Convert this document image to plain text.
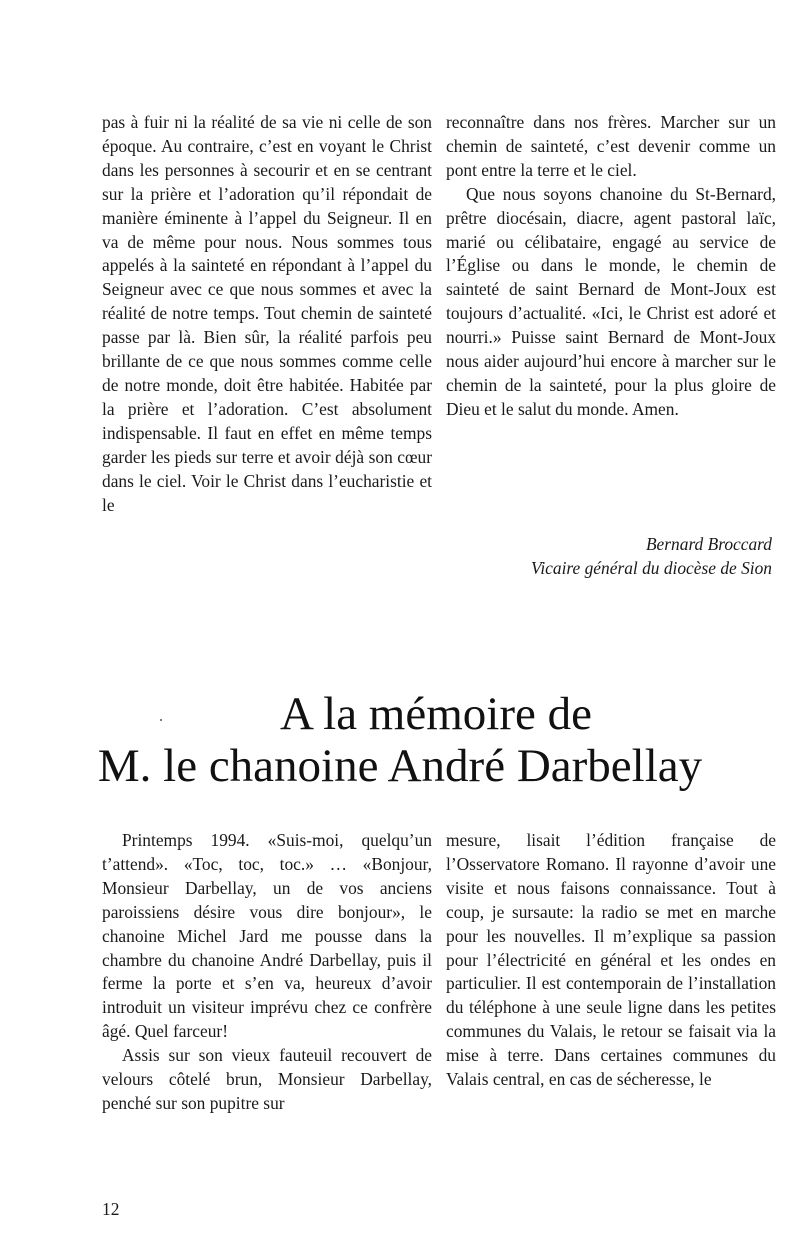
pas à fuir ni la réalité de sa vie ni celle de son époque. Au contraire, c’est en voyant le Christ dans les personnes à secourir et en se centrant sur la prière et l’adoration qu’il répondait de manière éminente à l’appel du Seigneur. Il en va de même pour nous. Nous sommes tous appelés à la sainteté en répondant à l’appel du Seigneur avec ce que nous sommes et avec la réalité de notre temps. Tout chemin de sainteté passe par là. Bien sûr, la réalité parfois peu brillante de ce que nous sommes comme celle de notre monde, doit être habitée. Habitée par la prière et l’adoration. C’est absolument indispensable. Il faut en effet en même temps garder les pieds sur terre et avoir déjà son cœur dans le ciel. Voir le Christ dans l’eucharistie et le

reconnaître dans nos frères. Marcher sur un chemin de sainteté, c’est devenir comme un pont entre la terre et le ciel.

Que nous soyons chanoine du St-Bernard, prêtre diocésain, diacre, agent pastoral laïc, marié ou célibataire, engagé au service de l’Église ou dans le monde, le chemin de sainteté de saint Bernard de Mont-Joux est toujours d’actualité. «Ici, le Christ est adoré et nourri.» Puisse saint Bernard de Mont-Joux nous aider aujourd’hui encore à marcher sur le chemin de la sainteté, pour la plus gloire de Dieu et le salut du monde. Amen.

Bernard Broccard
Vicaire général du diocèse de Sion
A la mémoire de
M. le chanoine André Darbellay

Printemps 1994. «Suis-moi, quelqu’un t’attend». «Toc, toc, toc.» … «Bonjour, Monsieur Darbellay, un de vos anciens paroissiens désire vous dire bonjour», le chanoine Michel Jard me pousse dans la chambre du chanoine André Darbellay, puis il ferme la porte et s’en va, heureux d’avoir introduit un visiteur imprévu chez ce confrère âgé. Quel farceur!

Assis sur son vieux fauteuil recouvert de velours côtelé brun, Monsieur Darbellay, penché sur son pupitre sur

mesure, lisait l’édition française de l’Osservatore Romano. Il rayonne d’avoir une visite et nous faisons connaissance. Tout à coup, je sursaute: la radio se met en marche pour les nouvelles. Il m’explique sa passion pour l’électricité en général et les ondes en particulier. Il est contemporain de l’installation du téléphone à une seule ligne dans les petites communes du Valais, le retour se faisait via la mise à terre. Dans certaines communes du Valais central, en cas de sécheresse, le

12
